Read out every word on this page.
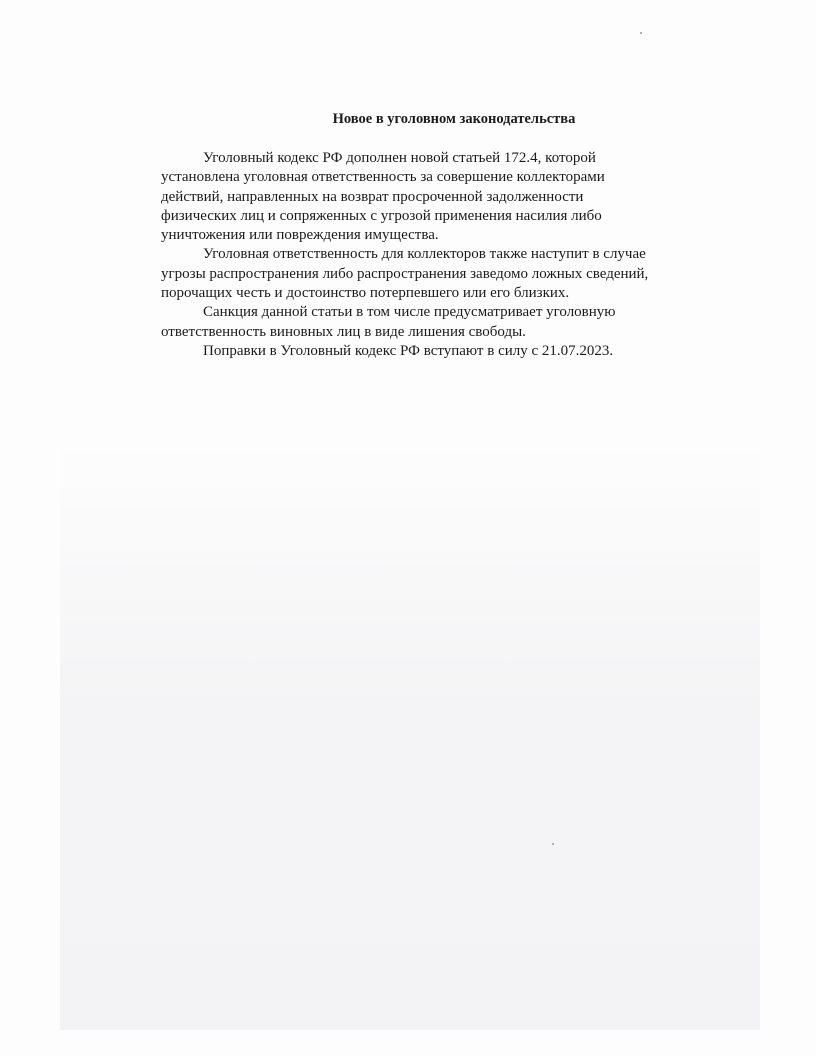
Новое в уголовном законодательства

Уголовный кодекс РФ дополнен новой статьей 172.4, которой
установлена уголовная ответственность за совершение коллекторами
действий, направленных на возврат просроченной задолженности
физических лиц и сопряженных с угрозой применения насилия либо
уничтожения или повреждения имущества.

Уголовная ответственность для коллекторов также наступит в случае
угрозы распространения либо распространения заведомо ложных сведений,
порочащих честь и достоинство потерпевшего или его близких.

Санкция данной статьи в том числе предусматривает уголовную
ответственность виновных лиц в виде лишения свободы.

Поправки в Уголовный кодекс РФ вступают в силу с 21.07.2023.
